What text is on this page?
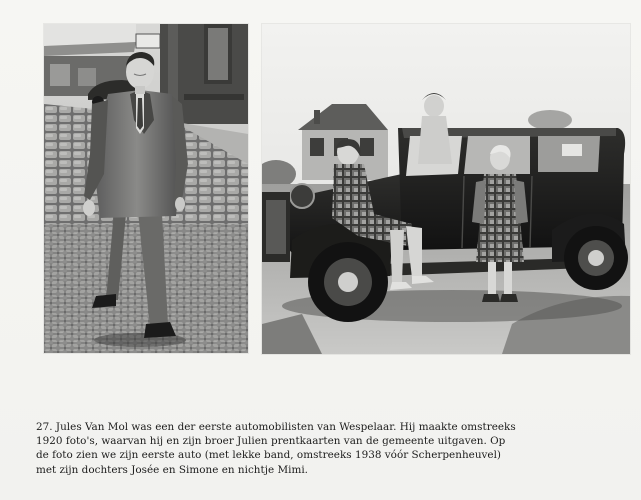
27. Jules Van Mol was een der eerste automobilisten van Wespelaar. Hij maakte omstreeks
1920 foto's, waarvan hij en zijn broer Julien prentkaarten van de gemeente uitgaven. Op
de foto zien we zijn eerste auto (met lekke band, omstreeks 1938 vóór Scherpenheuvel)
met zijn dochters Josée en Simone en nichtje Mimi.
